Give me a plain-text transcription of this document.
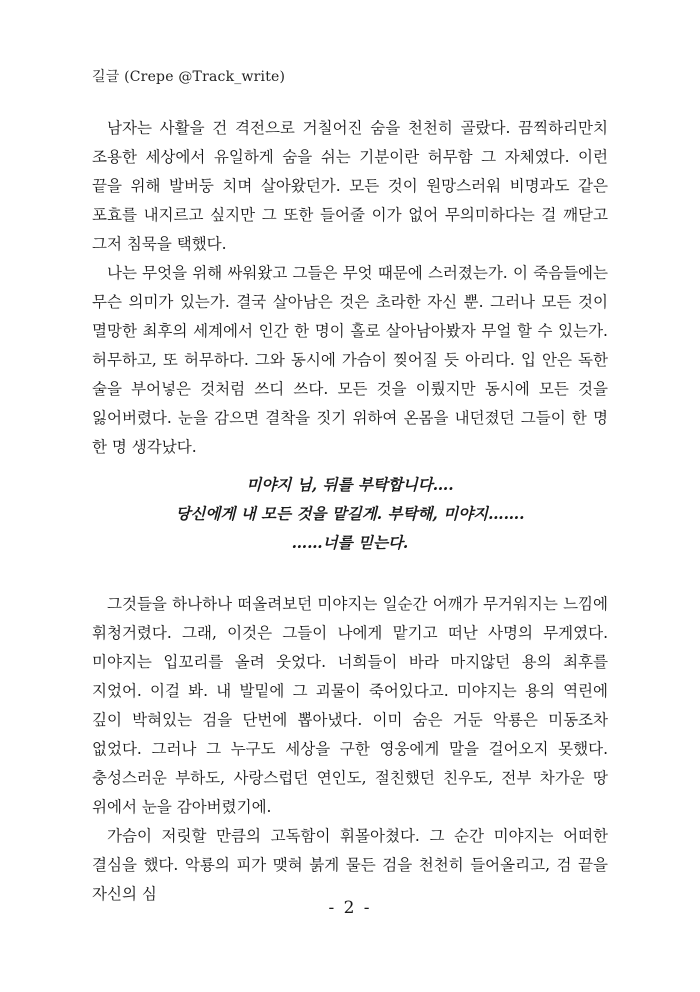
길글 (Crepe @Track_write)

남자는 사활을 건 격전으로 거칠어진 숨을 천천히 골랐다. 끔찍하리만치 조용한 세상에서 유일하게 숨을 쉬는 기분이란 허무함 그 자체였다. 이런 끝을 위해 발버둥 치며 살아왔던가. 모든 것이 원망스러워 비명과도 같은 포효를 내지르고 싶지만 그 또한 들어줄 이가 없어 무의미하다는 걸 깨닫고 그저 침묵을 택했다.

나는 무엇을 위해 싸워왔고 그들은 무엇 때문에 스러졌는가. 이 죽음들에는 무슨 의미가 있는가. 결국 살아남은 것은 초라한 자신 뿐. 그러나 모든 것이 멸망한 최후의 세계에서 인간 한 명이 홀로 살아남아봤자 무얼 할 수 있는가. 허무하고, 또 허무하다. 그와 동시에 가슴이 찢어질 듯 아리다. 입 안은 독한 술을 부어넣은 것처럼 쓰디 쓰다. 모든 것을 이뤘지만 동시에 모든 것을 잃어버렸다. 눈을 감으면 결착을 짓기 위하여 온몸을 내던졌던 그들이 한 명 한 명 생각났다.

미야지 님, 뒤를 부탁합니다….
당신에게 내 모든 것을 맡길게. 부탁해, 미야지…….
……너를 믿는다.

그것들을 하나하나 떠올려보던 미야지는 일순간 어깨가 무거워지는 느낌에 휘청거렸다. 그래, 이것은 그들이 나에게 맡기고 떠난 사명의 무게였다. 미야지는 입꼬리를 올려 웃었다. 너희들이 바라 마지않던 용의 최후를 지었어. 이걸 봐. 내 발밑에 그 괴물이 죽어있다고. 미야지는 용의 역린에 깊이 박혀있는 검을 단번에 뽑아냈다. 이미 숨은 거둔 악룡은 미동조차 없었다. 그러나 그 누구도 세상을 구한 영웅에게 말을 걸어오지 못했다. 충성스러운 부하도, 사랑스럽던 연인도, 절친했던 친우도, 전부 차가운 땅 위에서 눈을 감아버렸기에.

가슴이 저릿할 만큼의 고독함이 휘몰아쳤다. 그 순간 미야지는 어떠한 결심을 했다. 악룡의 피가 맺혀 붉게 물든 검을 천천히 들어올리고, 검 끝을 자신의 심

- 2 -
